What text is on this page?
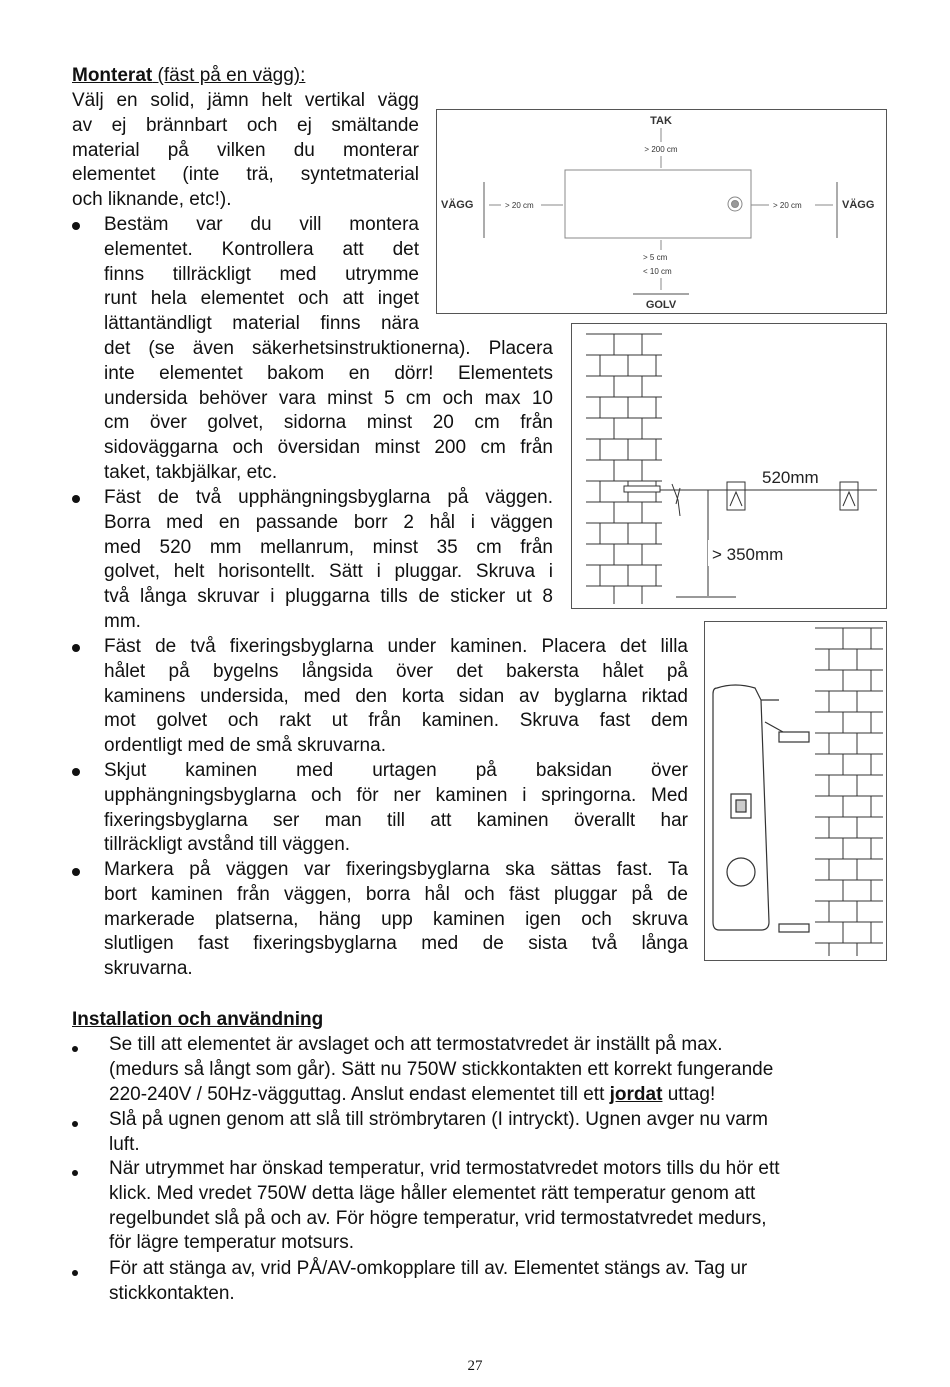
Monterat (fäst på en vägg):
Välj en solid, jämn helt vertikal vägg
av ej brännbart och ej smältande
material på vilken du monterar
elementet (inte trä, syntetmaterial
och liknande, etc!).
Bestäm var du vill montera
elementet. Kontrollera att det
finns tillräckligt med utrymme
runt hela elementet och att inget
lättantändligt material finns nära
det (se även säkerhetsinstruktionerna). Placera
inte elementet bakom en dörr! Elementets
undersida behöver vara minst 5 cm och max 10
cm över golvet, sidorna minst 20 cm från
sidoväggarna och översidan minst 200 cm från
taket, takbjälkar, etc.
Fäst de två upphängningsbyglarna på väggen.
Borra med en passande borr 2 hål i väggen
med 520 mm mellanrum, minst 35 cm från
golvet, helt horisontellt. Sätt i pluggar. Skruva i
två långa skruvar i pluggarna tills de sticker ut 8
mm.
Fäst de två fixeringsbyglarna under kaminen. Placera det lilla
hålet på bygelns långsida över det bakersta hålet på
kaminens undersida, med den korta sidan av byglarna riktad
mot golvet och rakt ut från kaminen. Skruva fast dem
ordentligt med de små skruvarna.
Skjut kaminen med urtagen på baksidan över
upphängningsbyglarna och för ner kaminen i springorna. Med
fixeringsbyglarna ser man till att kaminen överallt har
tillräckligt avstånd till väggen.
Markera på väggen var fixeringsbyglarna ska sättas fast. Ta
bort kaminen från väggen, borra hål och fäst pluggar på de
markerade platserna, häng upp kaminen igen och skruva
slutligen fast fixeringsbyglarna med de sista två långa
skruvarna.
TAK
> 200 cm
VÄGG	> 20 cm	> 20 cm	VÄGG
> 5 cm
< 10 cm
GOLV
520mm
> 350mm
Installation och användning
Se till att elementet är avslaget och att termostatvredet är inställt på max.
(medurs så långt som går). Sätt nu 750W stickkontakten ett korrekt fungerande
220-240V / 50Hz-vägguttag. Anslut endast elementet till ett jordat uttag!
Slå på ugnen genom att slå till strömbrytaren (I intryckt). Ugnen avger nu varm
luft.
När utrymmet har önskad temperatur, vrid termostatvredet motors tills du hör ett
klick. Med vredet 750W detta läge håller elementet rätt temperatur genom att
regelbundet slå på och av. För högre temperatur, vrid termostatvredet medurs,
för lägre temperatur motsurs.
För att stänga av, vrid PÅ/AV-omkopplare till av. Elementet stängs av. Tag ur
stickkontakten.
27
